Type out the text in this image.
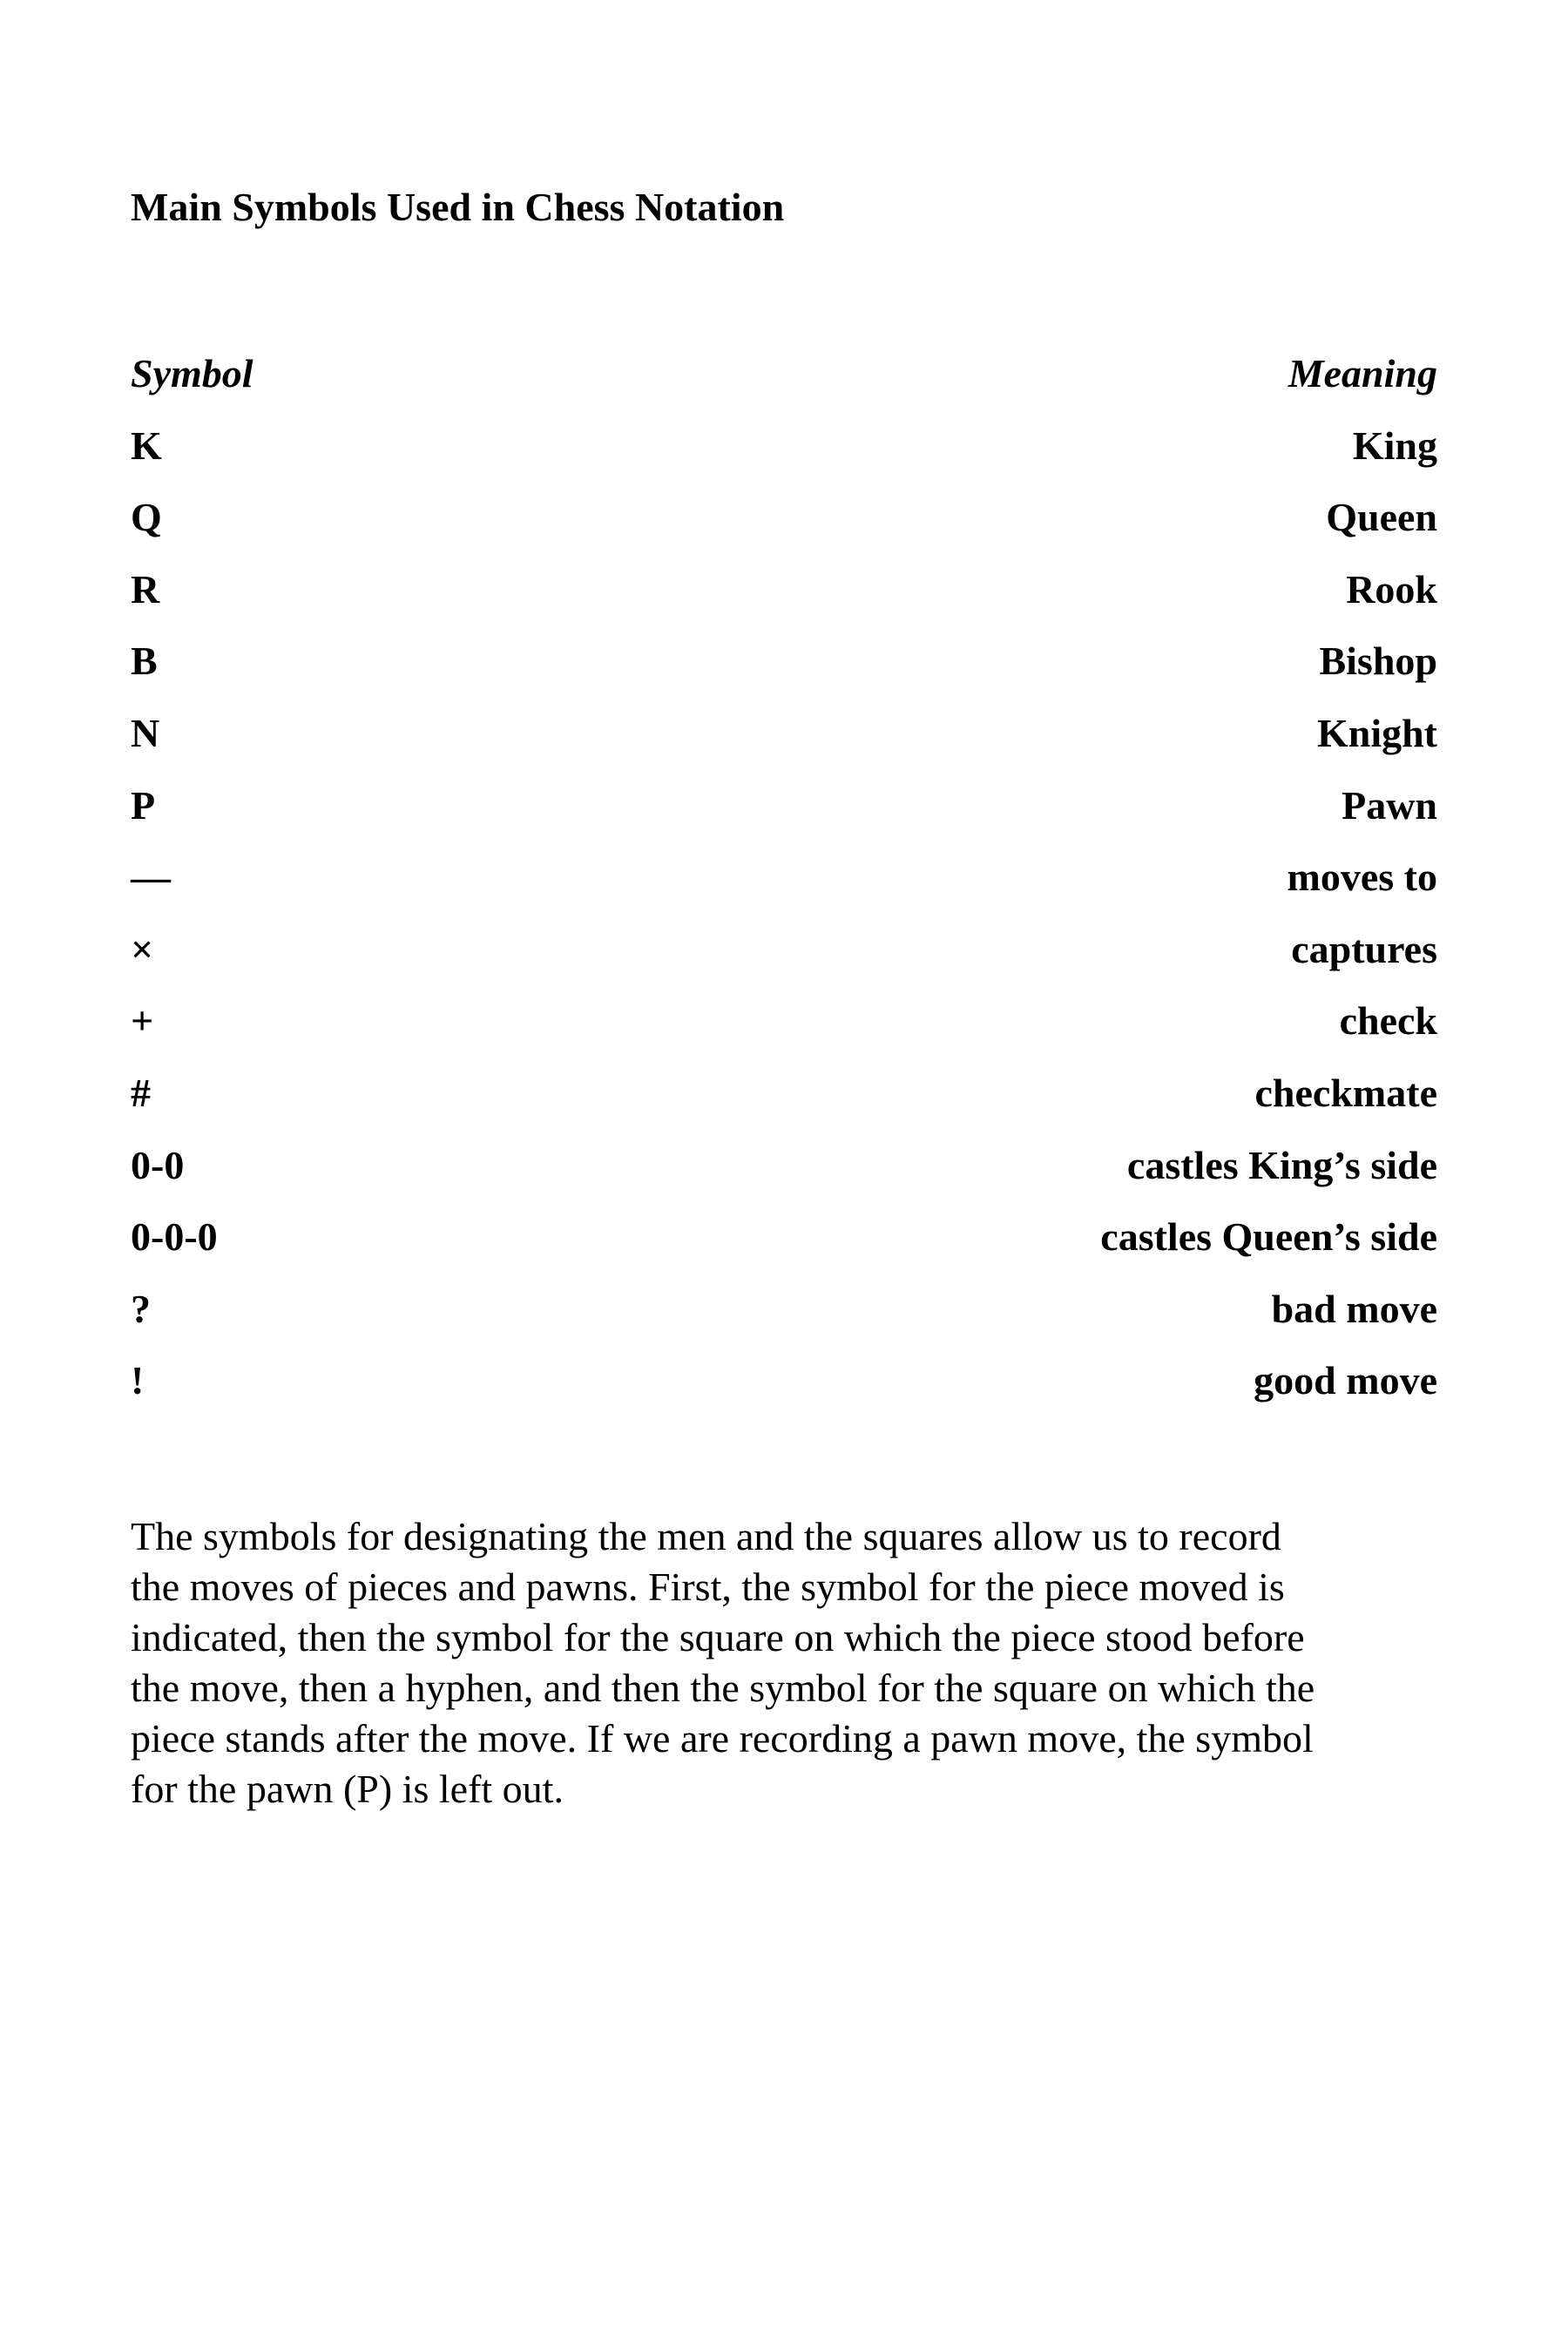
Main Symbols Used in Chess Notation
Symbol	Meaning
K	King
Q	Queen
R	Rook
B	Bishop
N	Knight
P	Pawn
—	moves to
×	captures
+	check
#	checkmate
0-0	castles King’s side
0-0-0	castles Queen’s side
?	bad move
!	good move
The symbols for designating the men and the squares allow us to record
the moves of pieces and pawns. First, the symbol for the piece moved is
indicated, then the symbol for the square on which the piece stood before
the move, then a hyphen, and then the symbol for the square on which the
piece stands after the move. If we are recording a pawn move, the symbol
for the pawn (P) is left out.
